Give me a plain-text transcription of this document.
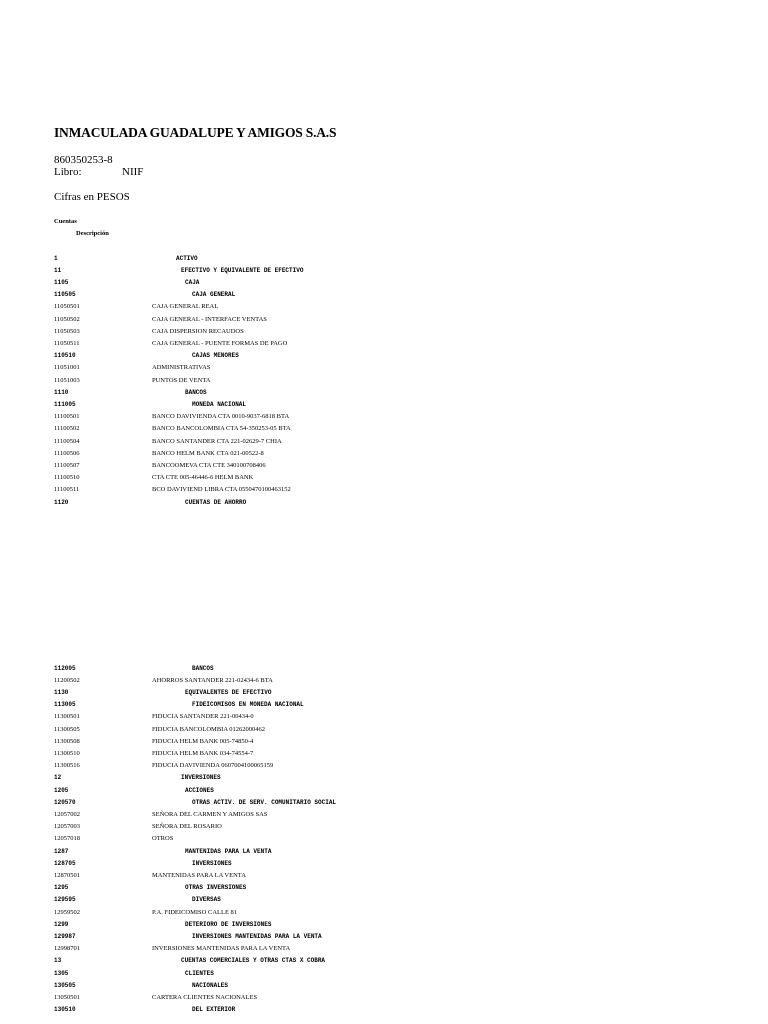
INMACULADA GUADALUPE Y AMIGOS S.A.S
860350253-8
Libro:	NIIF
Cifras en PESOS
Cuentas
Descripción
1	ACTIVO
11	EFECTIVO Y EQUIVALENTE DE EFECTIVO
1105	CAJA
110505	CAJA GENERAL
11050501	CAJA GENERAL REAL
11050502	CAJA GENERAL - INTERFACE VENTAS
11050503	CAJA DISPERSION RECAUDOS
11050511	CAJA GENERAL - PUENTE FORMAS DE PAGO
110510	CAJAS MENORES
11051001	ADMINISTRATIVAS
11051003	PUNTOS DE VENTA
1110	BANCOS
111005	MONEDA NACIONAL
11100501	BANCO DAVIVIENDA CTA 0010-9037-6818 BTA
11100502	BANCO BANCOLOMBIA CTA 54-350253-05 BTA
11100504	BANCO SANTANDER CTA 221-02629-7 CHIA
11100506	BANCO HELM BANK CTA 021-00522-8
11100507	BANCOOMEVA CTA CTE 340100708406
11100510	CTA CTE 005-46446-6 HELM BANK
11100511	BCO DAVIVIEND LIBRA CTA 0550470100463152
1120	CUENTAS DE AHORRO
112005	BANCOS
11200502	AHORROS SANTANDER 221-02434-6 BTA
1130	EQUIVALENTES DE EFECTIVO
113005	FIDEICOMISOS EN MONEDA NACIONAL
11300501	FIDUCIA SANTANDER 221-00434-0
11300505	FIDUCIA BANCOLOMBIA 01262000462
11300508	FIDUCIA HELM BANK 005-74850-4
11300510	FIDUCIA HELM BANK 034-74554-7
11300516	FIDUCIA DAVIVIENDA 0607004100065159
12	INVERSIONES
1205	ACCIONES
120570	OTRAS ACTIV. DE SERV. COMUNITARIO SOCIAL
12057002	SEÑORA DEL CARMEN Y AMIGOS SAS
12057003	SEÑORA DEL ROSARIO
12057018	OTROS
1287	MANTENIDAS PARA LA VENTA
128705	INVERSIONES
12870501	MANTENIDAS PARA LA VENTA
1295	OTRAS INVERSIONES
129595	DIVERSAS
12959502	P.A. FIDEICOMISO CALLE 81
1299	DETERIORO DE INVERSIONES
129987	INVERSIONES MANTENIDAS PARA LA VENTA
12998701	INVERSIONES MANTENIDAS PARA LA VENTA
13	CUENTAS COMERCIALES Y OTRAS CTAS X COBRA
1305	CLIENTES
130505	NACIONALES
13050501	CARTERA CLIENTES NACIONALES
130510	DEL EXTERIOR
